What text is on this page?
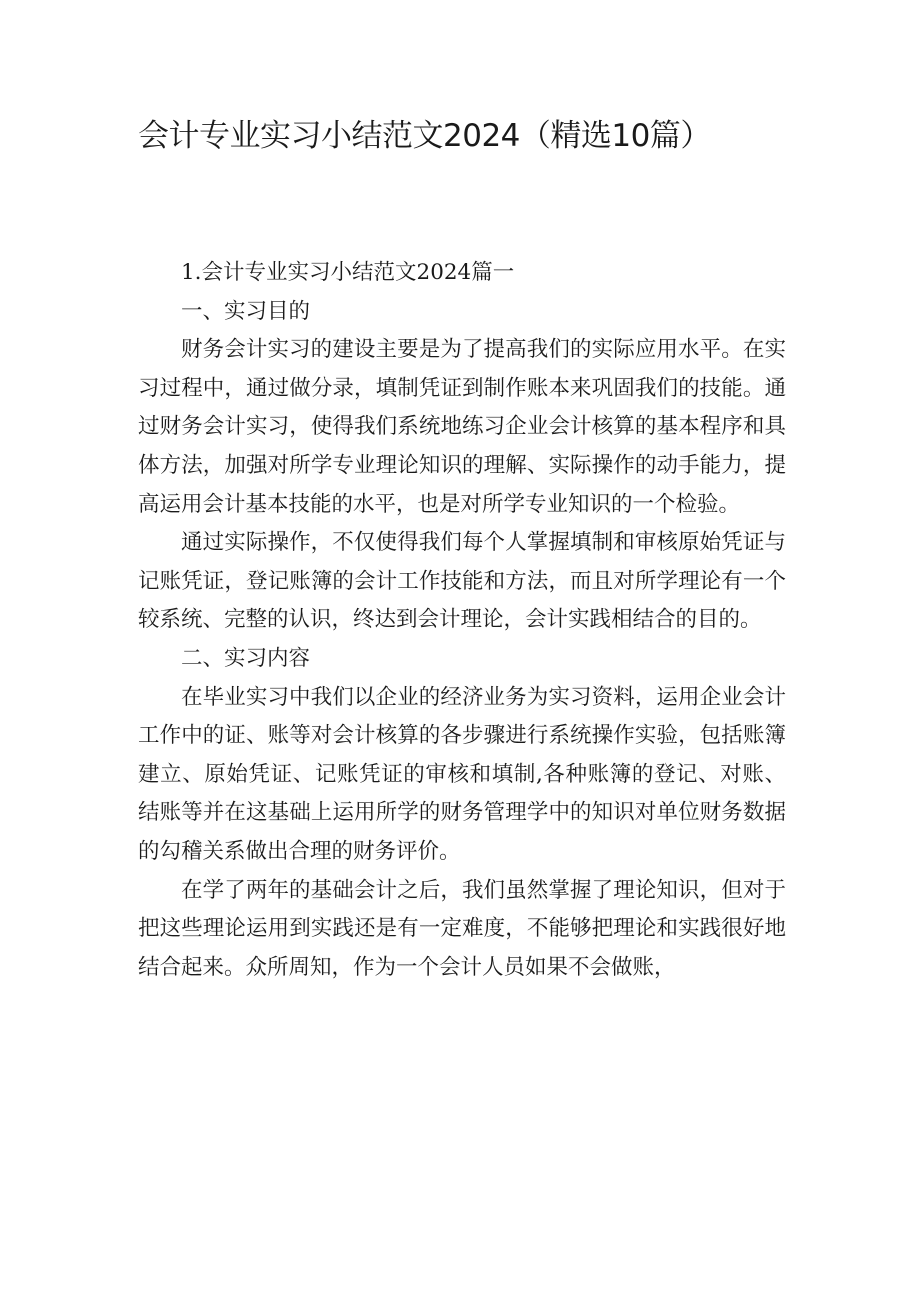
会计专业实习小结范文2024（精选10篇）

1.会计专业实习小结范文2024篇一

一、实习目的

财务会计实习的建设主要是为了提高我们的实际应用水平。在实习过程中，通过做分录，填制凭证到制作账本来巩固我们的技能。通过财务会计实习，使得我们系统地练习企业会计核算的基本程序和具体方法，加强对所学专业理论知识的理解、实际操作的动手能力，提高运用会计基本技能的水平，也是对所学专业知识的一个检验。

通过实际操作，不仅使得我们每个人掌握填制和审核原始凭证与记账凭证，登记账簿的会计工作技能和方法，而且对所学理论有一个较系统、完整的认识，终达到会计理论，会计实践相结合的目的。

二、实习内容

在毕业实习中我们以企业的经济业务为实习资料，运用企业会计工作中的证、账等对会计核算的各步骤进行系统操作实验，包括账簿建立、原始凭证、记账凭证的审核和填制,各种账簿的登记、对账、结账等并在这基础上运用所学的财务管理学中的知识对单位财务数据的勾稽关系做出合理的财务评价。

在学了两年的基础会计之后，我们虽然掌握了理论知识，但对于把这些理论运用到实践还是有一定难度，不能够把理论和实践很好地结合起来。众所周知，作为一个会计人员如果不会做账，
